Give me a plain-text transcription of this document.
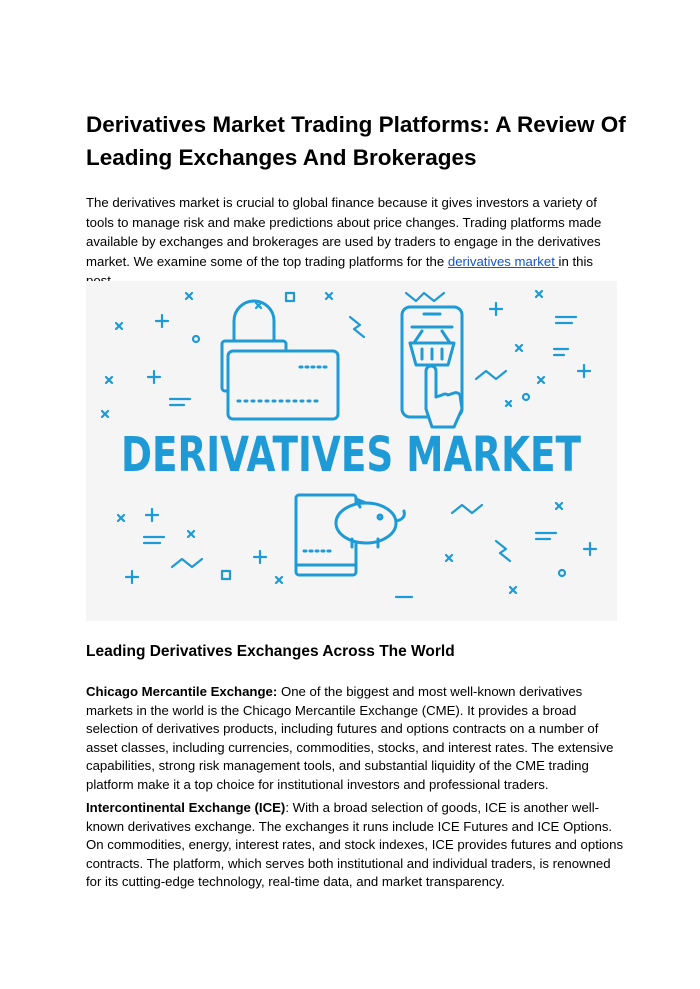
Derivatives Market Trading Platforms: A Review Of Leading Exchanges And Brokerages

The derivatives market is crucial to global finance because it gives investors a variety of tools to manage risk and make predictions about price changes. Trading platforms made available by exchanges and brokerages are used by traders to engage in the derivatives market. We examine some of the top trading platforms for the derivatives market in this

DERIVATIVES MARKET
Leading Derivatives Exchanges Across The World

Chicago Mercantile Exchange: One of the biggest and most well-known derivatives markets in the world is the Chicago Mercantile Exchange (CME). It provides a broad selection of derivatives products, including futures and options contracts on a number of asset classes, including currencies, commodities, stocks, and interest rates. The extensive capabilities, strong risk management tools, and substantial liquidity of the CME trading platform make it a top choice for institutional investors and professional traders.

Intercontinental Exchange (ICE): With a broad selection of goods, ICE is another well-known derivatives exchange. The exchanges it runs include ICE Futures and ICE Options. On commodities, energy, interest rates, and stock indexes, ICE provides futures and options contracts. The platform, which serves both institutional and individual traders, is renowned for its cutting-edge technology, real-time data, and market transparency.
